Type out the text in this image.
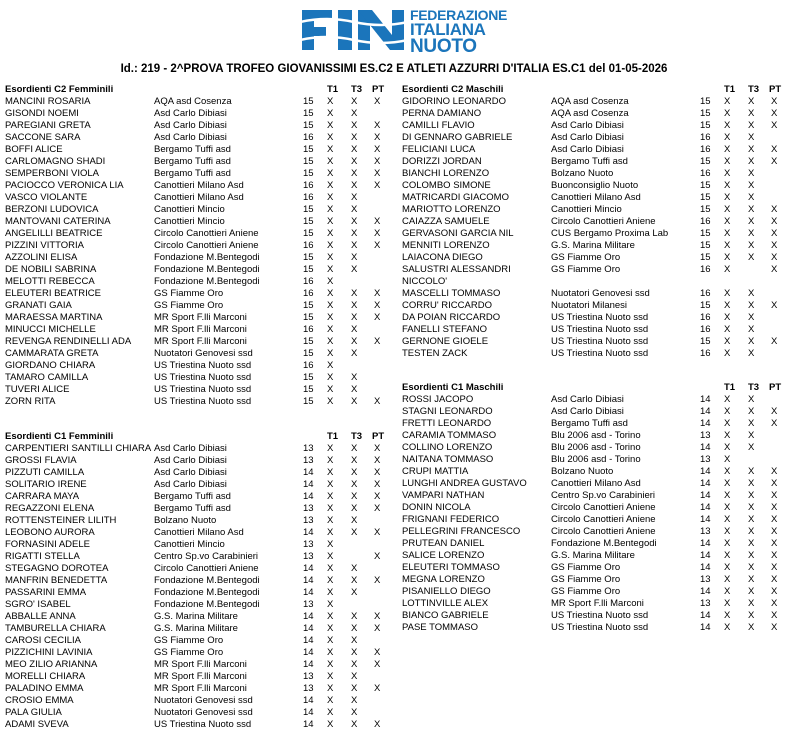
FEDERAZIONE
ITALIANA
NUOTO
Id.: 219 - 2^PROVA TROFEO GIOVANISSIMI ES.C2 E ATLETI AZZURRI D'ITALIA ES.C1 del 01-05-2026
Esordienti C2 Femminili	T1 T3 PT
MANCINI ROSARIA	AQA asd Cosenza	15 X X X
GISONDI NOEMI	Asd Carlo Dibiasi	15 X X
PAREGIANI GRETA	Asd Carlo Dibiasi	15 X X X
SACCONE SARA	Asd Carlo Dibiasi	16 X X X
BOFFI ALICE	Bergamo Tuffi asd	15 X X X
CARLOMAGNO SHADI	Bergamo Tuffi asd	15 X X X
SEMPERBONI VIOLA	Bergamo Tuffi asd	15 X X X
PACIOCCO VERONICA LIA	Canottieri Milano Asd	16 X X X
VASCO VIOLANTE	Canottieri Milano Asd	16 X X
BERZONI LUDOVICA	Canottieri Mincio	15 X X
MANTOVANI CATERINA	Canottieri Mincio	15 X X X
ANGELILLI BEATRICE	Circolo Canottieri Aniene	15 X X X
PIZZINI VITTORIA	Circolo Canottieri Aniene	16 X X X
AZZOLINI ELISA	Fondazione M.Bentegodi	15 X X
DE NOBILI SABRINA	Fondazione M.Bentegodi	15 X X
MELOTTI REBECCA	Fondazione M.Bentegodi	16 X
ELEUTERI BEATRICE	GS Fiamme Oro	16 X X X
GRANATI GAIA	GS Fiamme Oro	15 X X X
MARAESSA MARTINA	MR Sport F.lli Marconi	15 X X X
MINUCCI MICHELLE	MR Sport F.lli Marconi	16 X X
REVENGA RENDINELLI ADA MR Sport F.lli Marconi	15 X X X
CAMMARATA GRETA	Nuotatori Genovesi ssd	15 X X
GIORDANO CHIARA	US Triestina Nuoto ssd	16 X
TAMARO CAMILLA	US Triestina Nuoto ssd	15 X X
TUVERI ALICE	US Triestina Nuoto ssd	15 X X
ZORN RITA	US Triestina Nuoto ssd	15 X X X
Esordienti C1 Femminili	T1 T3 PT
CARPENTIERI SANTILLI CHIARA Asd Carlo Dibiasi	13 X X X
GROSSI FLAVIA	Asd Carlo Dibiasi	13 X X X
PIZZUTI CAMILLA	Asd Carlo Dibiasi	14 X X X
SOLITARIO IRENE	Asd Carlo Dibiasi	14 X X X
CARRARA MAYA	Bergamo Tuffi asd	14 X X X
REGAZZONI ELENA	Bergamo Tuffi asd	13 X X X
ROTTENSTEINER LILITH	Bolzano Nuoto	13 X X
LEOBONO AURORA	Canottieri Milano Asd	14 X X X
FORNASINI ADELE	Canottieri Mincio	13 X
RIGATTI STELLA	Centro Sp.vo Carabinieri	13 X	X
STEGAGNO DOROTEA	Circolo Canottieri Aniene	14 X X
MANFRIN BENEDETTA	Fondazione M.Bentegodi	14 X X X
PASSARINI EMMA	Fondazione M.Bentegodi	14 X X
SGRO' ISABEL	Fondazione M.Bentegodi	13 X
ABBALLE ANNA	G.S. Marina Militare	14 X X X
TAMBURELLA CHIARA	G.S. Marina Militare	14 X X X
CAROSI CECILIA	GS Fiamme Oro	14 X X
PIZZICHINI LAVINIA	GS Fiamme Oro	14 X X X
MEO ZILIO ARIANNA	MR Sport F.lli Marconi	14 X X X
MORELLI CHIARA	MR Sport F.lli Marconi	13 X X
PALADINO EMMA	MR Sport F.lli Marconi	13 X X X
CROSIO EMMA	Nuotatori Genovesi ssd	14 X X
PALA GIULIA	Nuotatori Genovesi ssd	14 X X
ADAMI SVEVA	US Triestina Nuoto ssd	14 X X X
Esordienti C2 Maschili	T1 T3 PT
GIDORINO LEONARDO	AQA asd Cosenza	15 X X X
PERNA DAMIANO	AQA asd Cosenza	15 X X X
CAMILLI FLAVIO	Asd Carlo Dibiasi	15 X X X
DI GENNARO GABRIELE	Asd Carlo Dibiasi	16 X X
FELICIANI LUCA	Asd Carlo Dibiasi	16 X X X
DORIZZI JORDAN	Bergamo Tuffi asd	15 X X X
BIANCHI LORENZO	Bolzano Nuoto	16 X X
COLOMBO SIMONE	Buonconsiglio Nuoto	15 X X
MATRICARDI GIACOMO	Canottieri Milano Asd	15 X X
MARIOTTO LORENZO	Canottieri Mincio	15 X X X
CAIAZZA SAMUELE	Circolo Canottieri Aniene	16 X X X
GERVASONI GARCIA NIL	CUS Bergamo Proxima Lab	15 X X X
MENNITI LORENZO	G.S. Marina Militare	15 X X X
LAIACONA DIEGO	GS Fiamme Oro	15 X X X
SALUSTRI ALESSANDRI	GS Fiamme Oro	16 X	X
NICCOLO'
MASCELLI TOMMASO	Nuotatori Genovesi ssd	16 X X
CORRU' RICCARDO	Nuotatori Milanesi	15 X X X
DA POIAN RICCARDO	US Triestina Nuoto ssd	16 X X
FANELLI STEFANO	US Triestina Nuoto ssd	16 X X
GERNONE GIOELE	US Triestina Nuoto ssd	15 X X X
TESTEN ZACK	US Triestina Nuoto ssd	16 X X
Esordienti C1 Maschili	T1 T3 PT
ROSSI JACOPO	Asd Carlo Dibiasi	14 X X
STAGNI LEONARDO	Asd Carlo Dibiasi	14 X X X
FRETTI LEONARDO	Bergamo Tuffi asd	14 X X X
CARAMIA TOMMASO	Blu 2006 asd - Torino	13 X X
COLLINO LORENZO	Blu 2006 asd - Torino	14 X X
NAITANA TOMMASO	Blu 2006 asd - Torino	13 X
CRUPI MATTIA	Bolzano Nuoto	14 X X X
LUNGHI ANDREA GUSTAVO	Canottieri Milano Asd	14 X X X
VAMPARI NATHAN	Centro Sp.vo Carabinieri	14 X X X
DONIN NICOLA	Circolo Canottieri Aniene	14 X X X
FRIGNANI FEDERICO	Circolo Canottieri Aniene	14 X X X
PELLEGRINI FRANCESCO	Circolo Canottieri Aniene	13 X X X
PRUTEAN DANIEL	Fondazione M.Bentegodi	14 X X X
SALICE LORENZO	G.S. Marina Militare	14 X X X
ELEUTERI TOMMASO	GS Fiamme Oro	14 X X X
MEGNA LORENZO	GS Fiamme Oro	13 X X X
PISANIELLO DIEGO	GS Fiamme Oro	14 X X X
LOTTINVILLE ALEX	MR Sport F.lli Marconi	13 X X X
BIANCO GABRIELE	US Triestina Nuoto ssd	14 X X X
PASE TOMMASO	US Triestina Nuoto ssd	14 X X X
